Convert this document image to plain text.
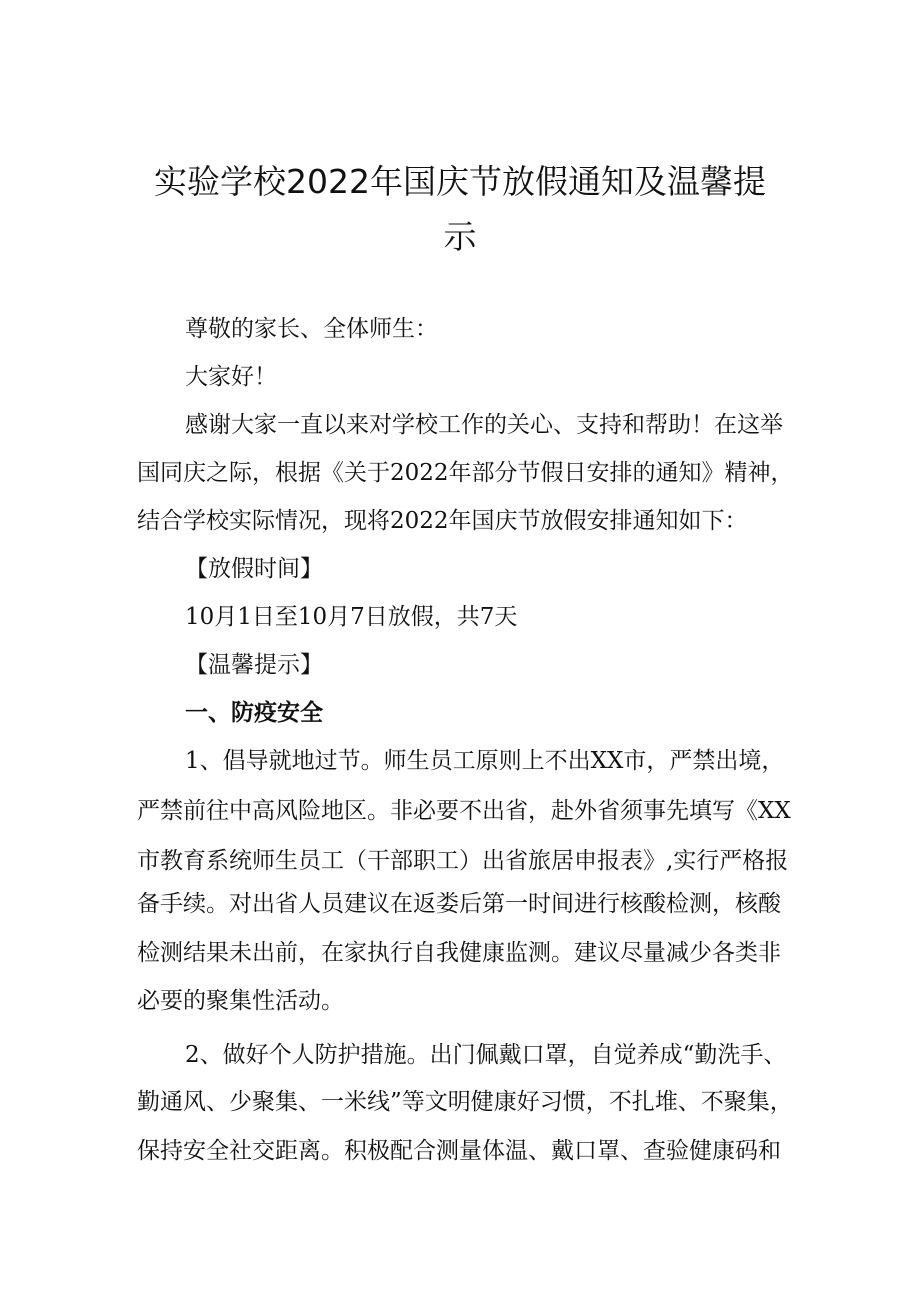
实验学校2022年国庆节放假通知及温馨提
示
尊敬的家长、全体师生：
大家好！
感谢大家一直以来对学校工作的关心、支持和帮助！在这举
国同庆之际，根据《关于2022年部分节假日安排的通知》精神，
结合学校实际情况，现将2022年国庆节放假安排通知如下：
【放假时间】
10月1日至10月7日放假，共7天
【温馨提示】
一、防疫安全
1、倡导就地过节。师生员工原则上不出XX市，严禁出境，
严禁前往中高风险地区。非必要不出省，赴外省须事先填写《XX
市教育系统师生员工（干部职工）出省旅居申报表》,实行严格报
备手续。对出省人员建议在返娄后第一时间进行核酸检测，核酸
检测结果未出前，在家执行自我健康监测。建议尽量减少各类非
必要的聚集性活动。
2、做好个人防护措施。出门佩戴口罩，自觉养成“勤洗手、
勤通风、少聚集、一米线”等文明健康好习惯，不扎堆、不聚集，
保持安全社交距离。积极配合测量体温、戴口罩、查验健康码和
